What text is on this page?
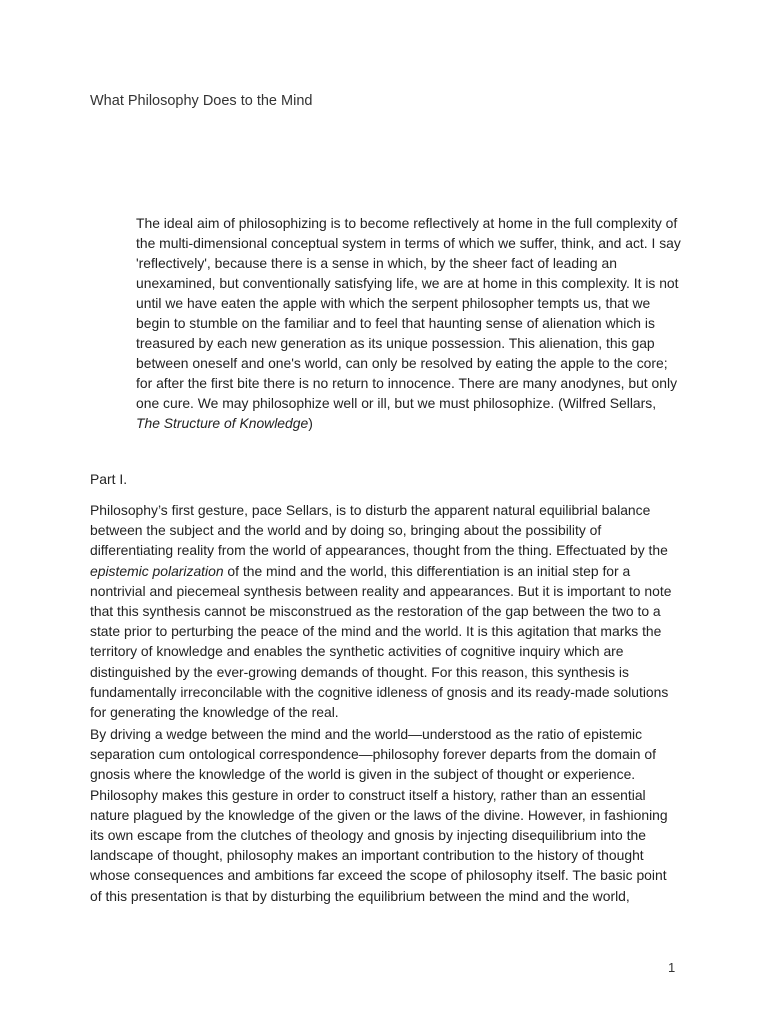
What Philosophy Does to the Mind
The ideal aim of philosophizing is to become reflectively at home in the full complexity of the multi-dimensional conceptual system in terms of which we suffer, think, and act. I say 'reflectively', because there is a sense in which, by the sheer fact of leading an unexamined, but conventionally satisfying life, we are at home in this complexity. It is not until we have eaten the apple with which the serpent philosopher tempts us, that we begin to stumble on the familiar and to feel that haunting sense of alienation which is treasured by each new generation as its unique possession. This alienation, this gap between oneself and one's world, can only be resolved by eating the apple to the core; for after the first bite there is no return to innocence. There are many anodynes, but only one cure. We may philosophize well or ill, but we must philosophize. (Wilfred Sellars, The Structure of Knowledge)
Part I.

Philosophy’s first gesture, pace Sellars, is to disturb the apparent natural equilibrial balance between the subject and the world and by doing so, bringing about the possibility of differentiating reality from the world of appearances, thought from the thing. Effectuated by the epistemic polarization of the mind and the world, this differentiation is an initial step for a nontrivial and piecemeal synthesis between reality and appearances. But it is important to note that this synthesis cannot be misconstrued as the restoration of the gap between the two to a state prior to perturbing the peace of the mind and the world. It is this agitation that marks the territory of knowledge and enables the synthetic activities of cognitive inquiry which are distinguished by the ever-growing demands of thought. For this reason, this synthesis is fundamentally irreconcilable with the cognitive idleness of gnosis and its ready-made solutions for generating the knowledge of the real.

By driving a wedge between the mind and the world—understood as the ratio of epistemic separation cum ontological correspondence—philosophy forever departs from the domain of gnosis where the knowledge of the world is given in the subject of thought or experience. Philosophy makes this gesture in order to construct itself a history, rather than an essential nature plagued by the knowledge of the given or the laws of the divine. However, in fashioning its own escape from the clutches of theology and gnosis by injecting disequilibrium into the landscape of thought, philosophy makes an important contribution to the history of thought whose consequences and ambitions far exceed the scope of philosophy itself. The basic point of this presentation is that by disturbing the equilibrium between the mind and the world,

1
